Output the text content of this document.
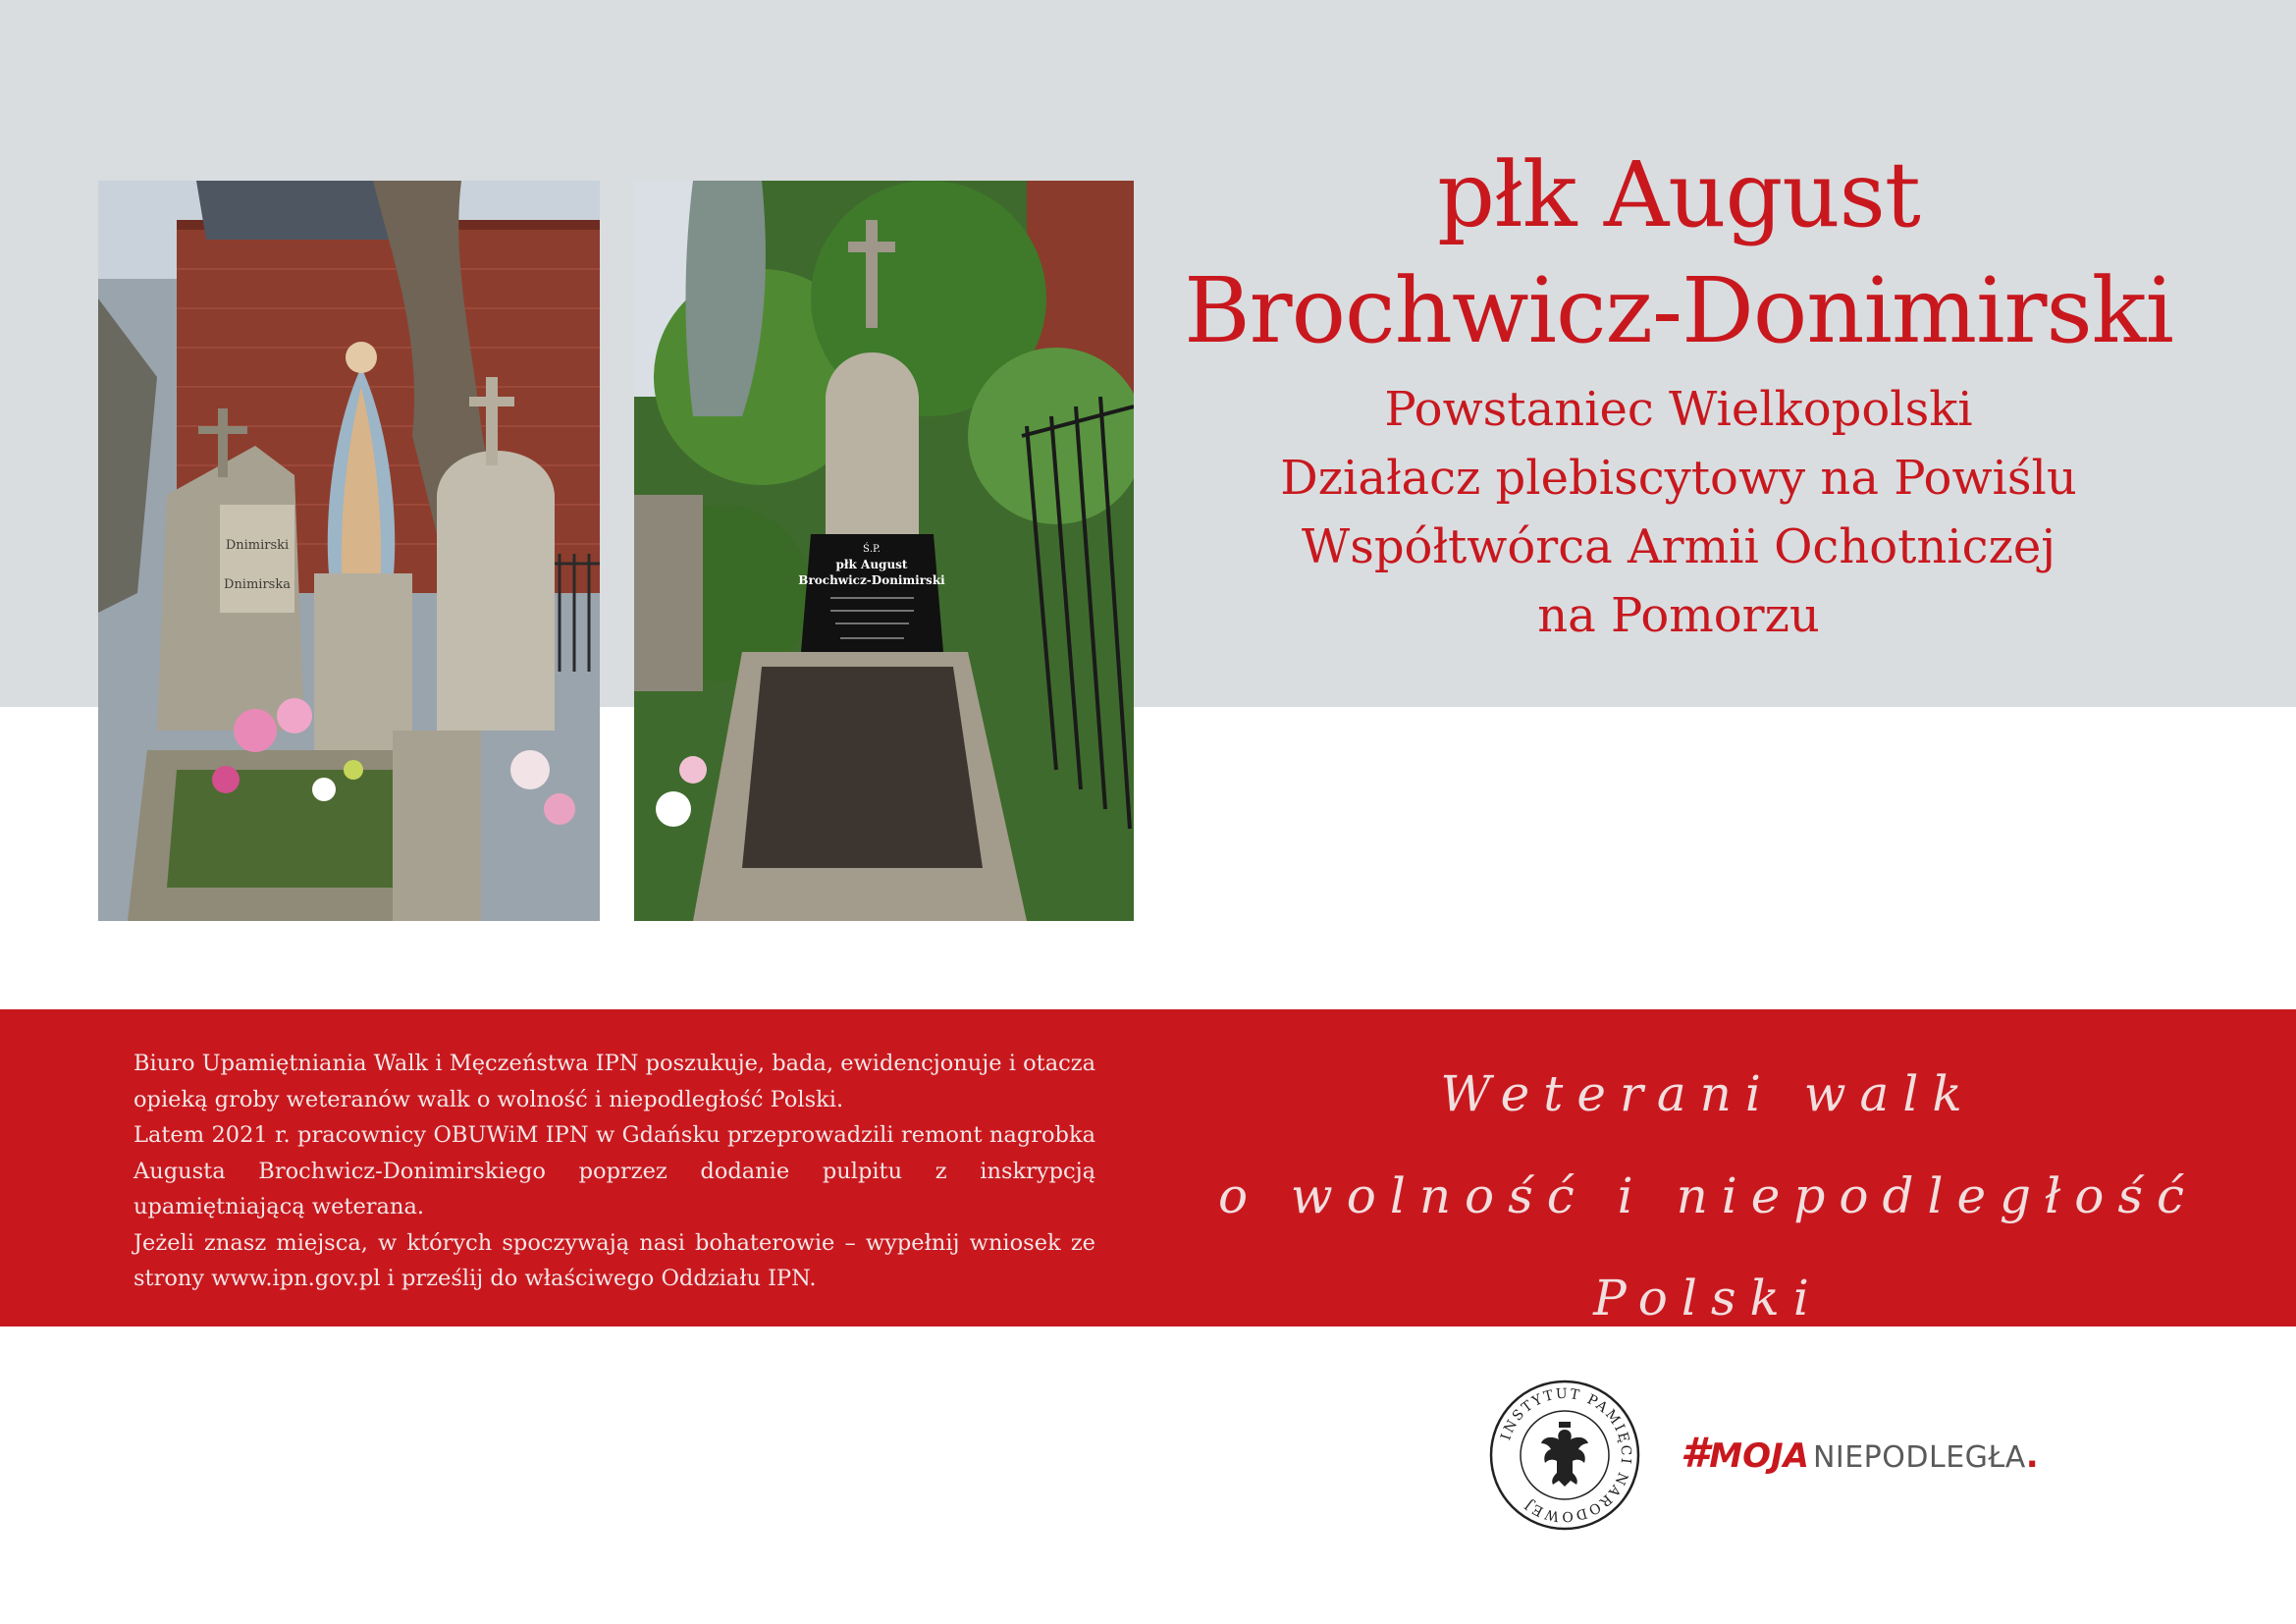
Dnimirski
Dnimirska
Ś.P.
płk August
Brochwicz-Donimirski
płk August
Brochwicz-Donimirski
Powstaniec Wielkopolski
Działacz plebiscytowy na Powiślu
Współtwórca Armii Ochotniczej
na Pomorzu

Biuro Upamiętniania Walk i Męczeństwa IPN poszukuje, bada, ewidencjonuje i otacza opieką groby weteranów walk o wolność i niepodległość Polski.

Latem 2021 r. pracownicy OBUWiM IPN w Gdańsku przeprowadzili remont nagrobka Augusta Brochwicz-Donimirskiego poprzez dodanie pulpitu z inskrypcją upamiętniającą weterana.

Jeżeli znasz miejsca, w których spoczywają nasi bohaterowie – wypełnij wniosek ze strony www.ipn.gov.pl i prześlij do właściwego Oddziału IPN.

Weterani walk
o wolność i niepodległość
Polski
INSTYTUT PAMIĘCI NARODOWEJ
# MOJA NIEPODLEGŁA .
